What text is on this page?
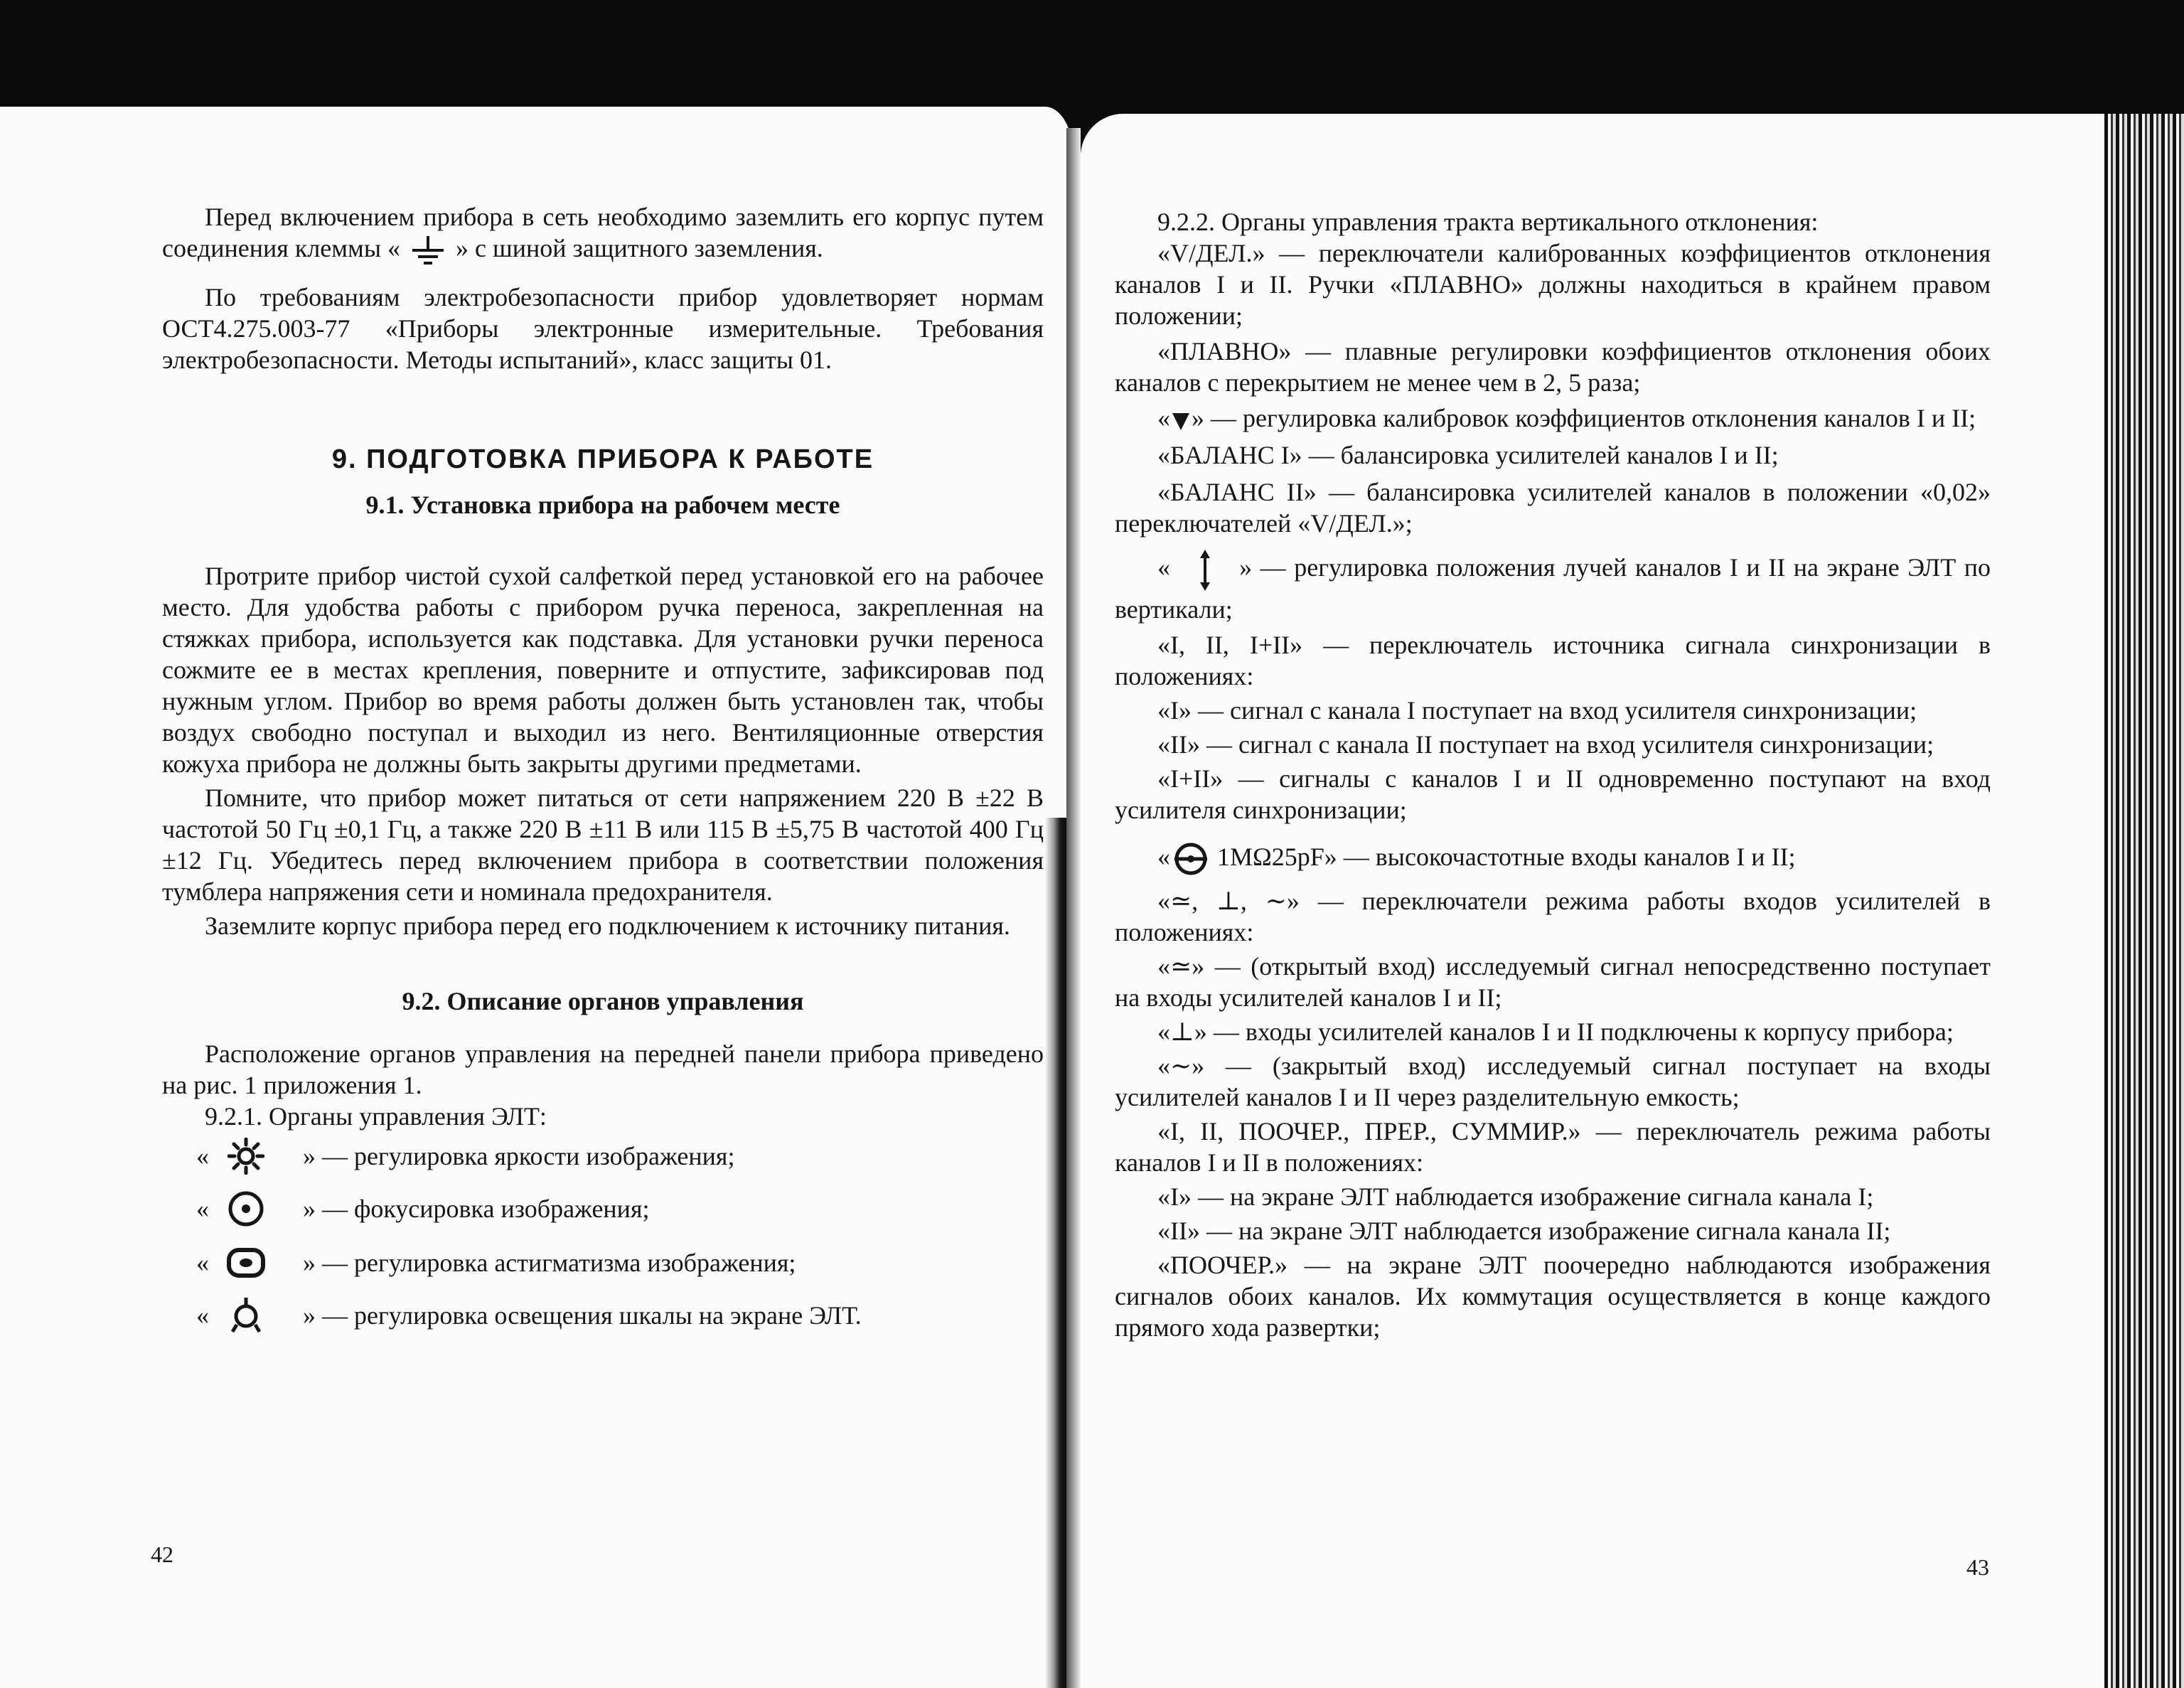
Перед включением прибора в сеть необходимо заземлить его корпус путем соединения клеммы « » с шиной защитного заземления.

По требованиям электробезопасности прибор удовлетворяет нормам ОСТ4.275.003-77 «Приборы электронные измерительные. Требования электробезопасности. Методы испытаний», класс защиты 01.

9. ПОДГОТОВКА ПРИБОРА К РАБОТЕ

9.1. Установка прибора на рабочем месте

Протрите прибор чистой сухой салфеткой перед установкой его на рабочее место. Для удобства работы с прибором ручка переноса, закрепленная на стяжках прибора, используется как подставка. Для установки ручки переноса сожмите ее в местах крепления, поверните и отпустите, зафиксировав под нужным углом. Прибор во время работы должен быть установлен так, чтобы воздух свободно поступал и выходил из него. Вентиляционные отверстия кожуха прибора не должны быть закрыты другими предметами.

Помните, что прибор может питаться от сети напряжением 220 В ±22 В частотой 50 Гц ±0,1 Гц, а также 220 В ±11 В или 115 В ±5,75 В частотой 400 Гц ±12 Гц. Убедитесь перед включением прибора в соответствии положения тумблера напряжения сети и номинала предохранителя.

Заземлите корпус прибора перед его подключением к источнику питания.

9.2. Описание органов управления

Расположение органов управления на передней панели прибора приведено на рис. 1 приложения 1.

9.2.1. Органы управления ЭЛТ:

«	» — регулировка яркости изображения;
«	» — фокусировка изображения;
«	» — регулировка астигматизма изображения;
«	» — регулировка освещения шкалы на экране ЭЛТ.
42

9.2.2. Органы управления тракта вертикального отклонения:

«V/ДЕЛ.» — переключатели калиброванных коэффициентов отклонения каналов I и II. Ручки «ПЛАВНО» должны находиться в крайнем правом положении;

«ПЛАВНО» — плавные регулировки коэффициентов отклонения обоих каналов с перекрытием не менее чем в 2, 5 раза;

« » — регулировка калибровок коэффициентов отклонения каналов I и II;

«БАЛАНС I» — балансировка усилителей каналов I и II;

«БАЛАНС II» — балансировка усилителей каналов в положении «0,02» переключателей «V/ДЕЛ.»;

«	» — регулировка положения лучей каналов I и II на экране ЭЛТ по вертикали;

«I, II, I+II» — переключатель источника сигнала синхронизации в положениях:

«I» — сигнал с канала I поступает на вход усилителя синхронизации;

«II» — сигнал с канала II поступает на вход усилителя синхронизации;

«I+II» — сигналы с каналов I и II одновременно поступают на вход усилителя синхронизации;

« 1MΩ25pF» — высокочастотные входы каналов I и II;

«≃, ⊥, ∼» — переключатели режима работы входов усилителей в положениях:

«≃» — (открытый вход) исследуемый сигнал непосредственно поступает на входы усилителей каналов I и II;

«⊥» — входы усилителей каналов I и II подключены к корпусу прибора;

«∼» — (закрытый вход) исследуемый сигнал поступает на входы усилителей каналов I и II через разделительную емкость;

«I, II, ПООЧЕР., ПРЕР., СУММИР.» — переключатель режима работы каналов I и II в положениях:

«I» — на экране ЭЛТ наблюдается изображение сигнала канала I;

«II» — на экране ЭЛТ наблюдается изображение сигнала канала II;

«ПООЧЕР.» — на экране ЭЛТ поочередно наблюдаются изображения сигналов обоих каналов. Их коммутация осуществляется в конце каждого прямого хода развертки;

43
